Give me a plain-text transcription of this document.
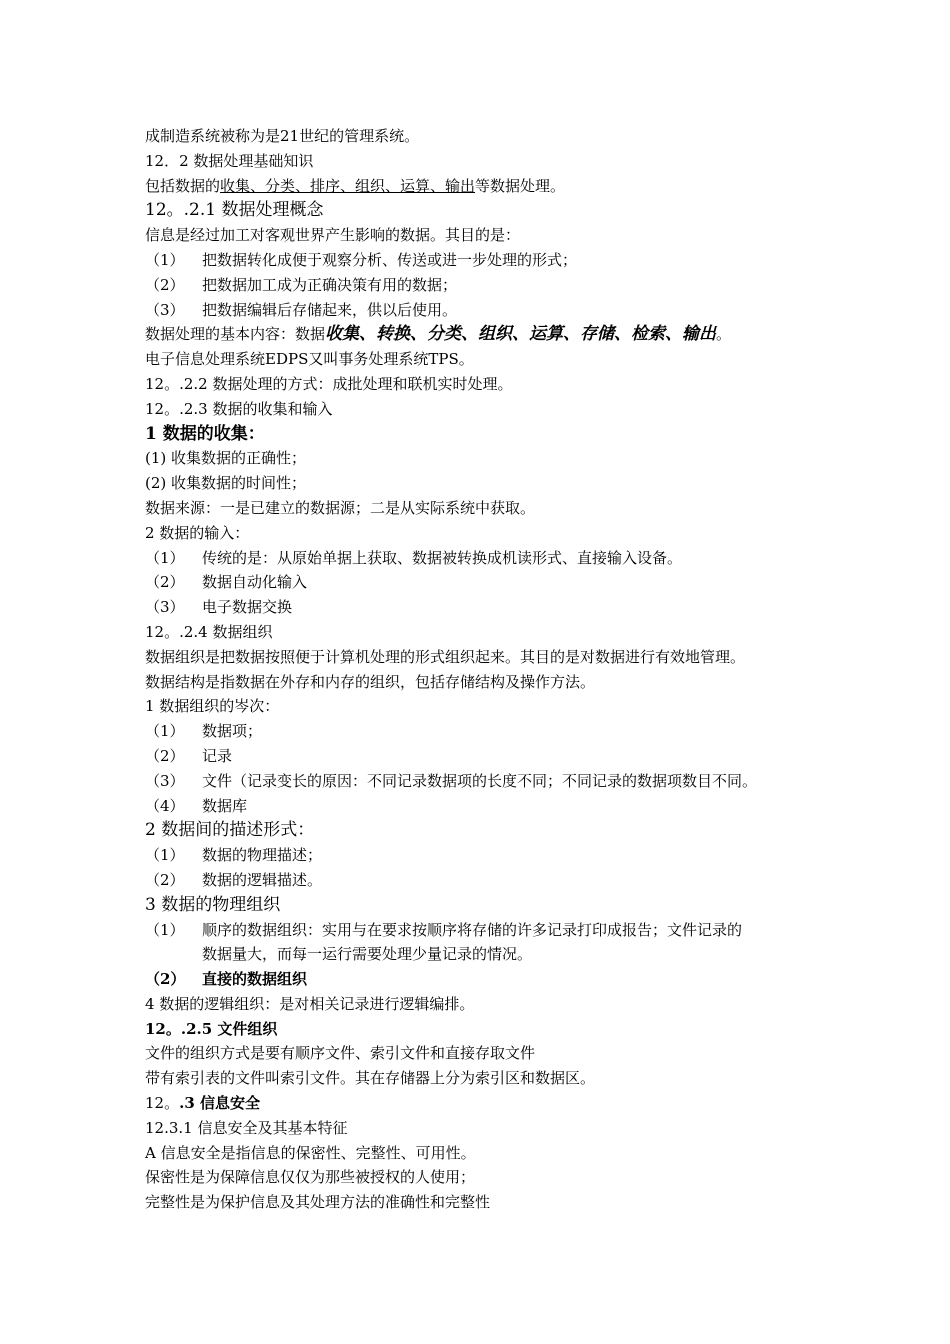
成制造系统被称为是21世纪的管理系统。
12．2 数据处理基础知识
包括数据的收集、分类、排序、组织、运算、输出等数据处理。
12。.2.1 数据处理概念
信息是经过加工对客观世界产生影响的数据。其目的是：
（1） 把数据转化成便于观察分析、传送或进一步处理的形式；
（2） 把数据加工成为正确决策有用的数据；
（3） 把数据编辑后存储起来，供以后使用。
数据处理的基本内容：数据收集、转换、分类、组织、运算、存储、检索、输出。
电子信息处理系统EDPS又叫事务处理系统TPS。
12。.2.2 数据处理的方式：成批处理和联机实时处理。
12。.2.3 数据的收集和输入
1 数据的收集：
(1) 收集数据的正确性；
(2) 收集数据的时间性；
数据来源：一是已建立的数据源；二是从实际系统中获取。
2 数据的输入：
（1） 传统的是：从原始单据上获取、数据被转换成机读形式、直接输入设备。
（2） 数据自动化输入
（3） 电子数据交换
12。.2.4 数据组织
数据组织是把数据按照便于计算机处理的形式组织起来。其目的是对数据进行有效地管理。
数据结构是指数据在外存和内存的组织，包括存储结构及操作方法。
1 数据组织的岑次：
（1） 数据项；
（2） 记录
（3） 文件（记录变长的原因：不同记录数据项的长度不同；不同记录的数据项数目不同。
（4） 数据库
2 数据间的描述形式：
（1） 数据的物理描述；
（2） 数据的逻辑描述。
3 数据的物理组织
（1） 顺序的数据组织：实用与在要求按顺序将存储的许多记录打印成报告；文件记录的
数据量大，而每一运行需要处理少量记录的情况。
（2） 直接的数据组织
4 数据的逻辑组织：是对相关记录进行逻辑编排。
12。.2.5 文件组织
文件的组织方式是要有顺序文件、索引文件和直接存取文件
带有索引表的文件叫索引文件。其在存储器上分为索引区和数据区。
12。.3 信息安全
12.3.1 信息安全及其基本特征
A 信息安全是指信息的保密性、完整性、可用性。
保密性是为保障信息仅仅为那些被授权的人使用；
完整性是为保护信息及其处理方法的准确性和完整性
